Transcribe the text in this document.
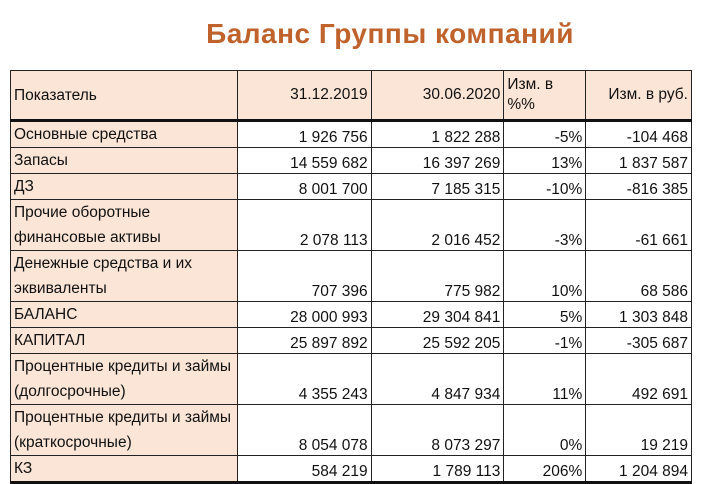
Баланс Группы компаний
Показатель	31.12.2019	30.06.2020	Изм. в %%	Изм. в руб.
Основные средства	1 926 756	1 822 288	-5%	-104 468
Запасы	14 559 682	16 397 269	13%	1 837 587
ДЗ	8 001 700	7 185 315	-10%	-816 385
Прочие оборотные финансовые активы	2 078 113	2 016 452	-3%	-61 661
Денежные средства и их эквиваленты	707 396	775 982	10%	68 586
БАЛАНС	28 000 993	29 304 841	5%	1 303 848
КАПИТАЛ	25 897 892	25 592 205	-1%	-305 687
Процентные кредиты и займы (долгосрочные)	4 355 243	4 847 934	11%	492 691
Процентные кредиты и займы (краткосрочные)	8 054 078	8 073 297	0%	19 219
КЗ	584 219	1 789 113	206%	1 204 894
